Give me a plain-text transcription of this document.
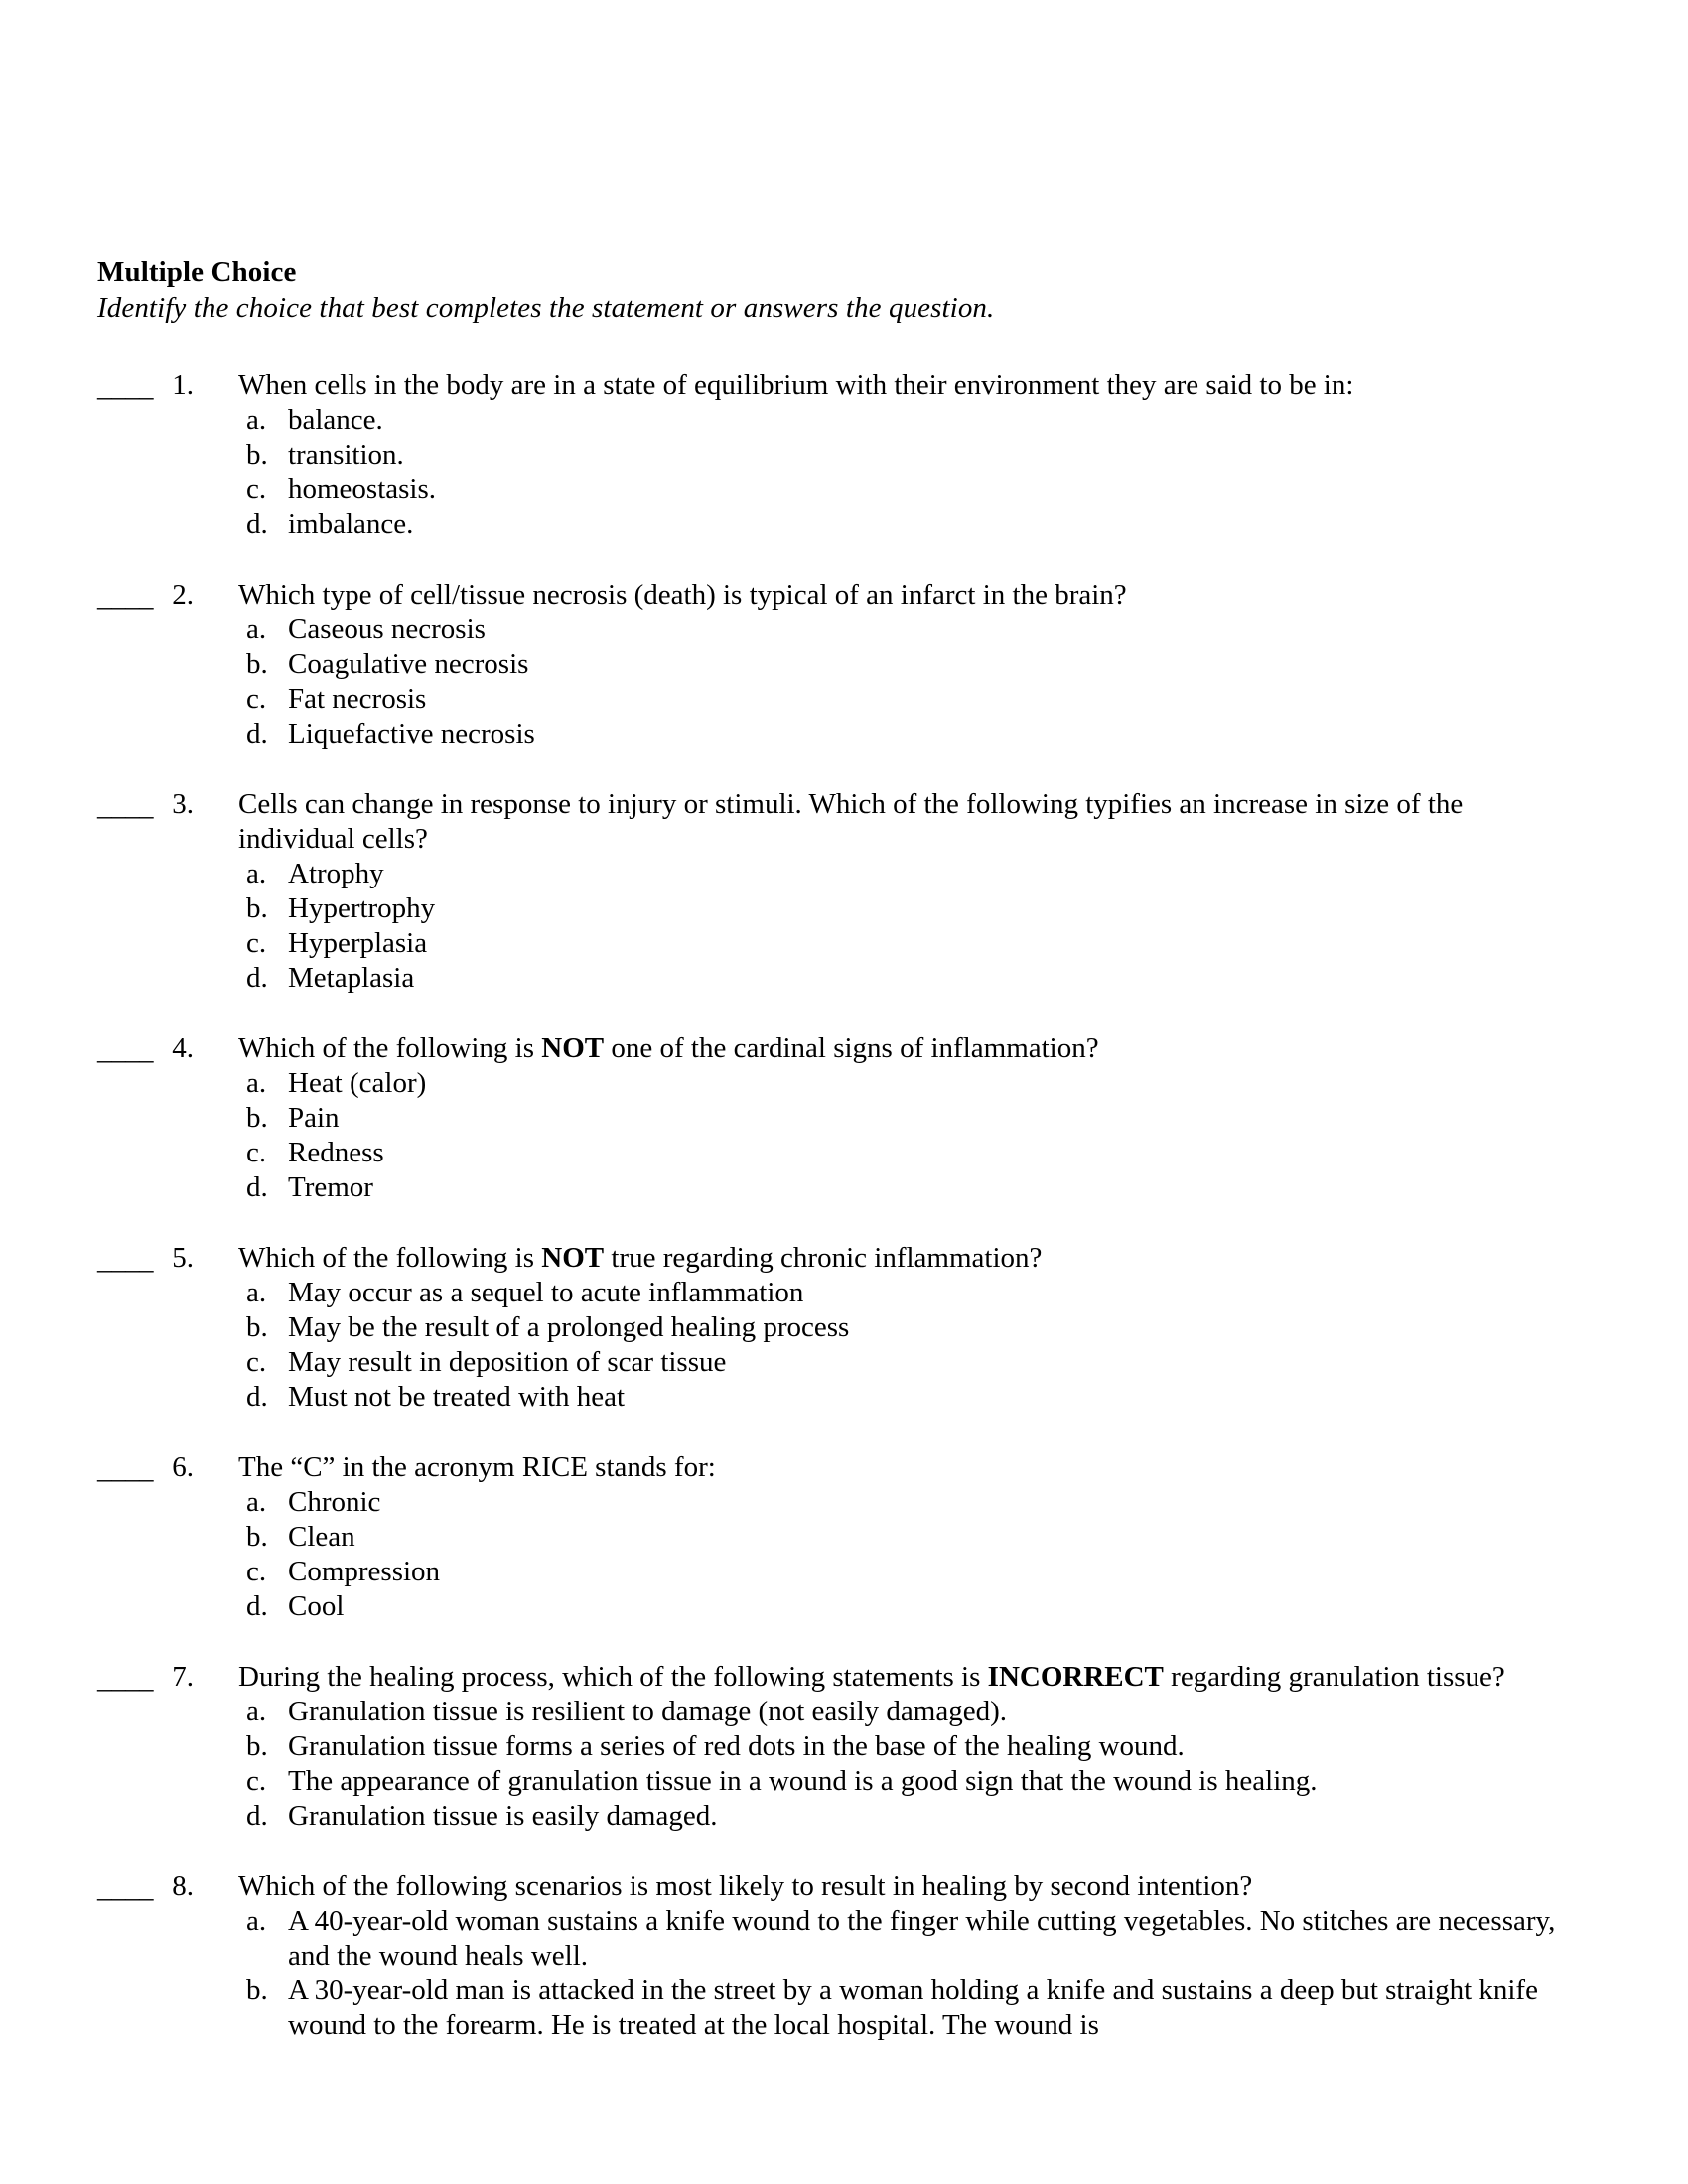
Multiple Choice
Identify the choice that best completes the statement or answers the question.
____ 1. When cells in the body are in a state of equilibrium with their environment they are said to be in:
a. balance.
b. transition.
c. homeostasis.
d. imbalance.
____ 2. Which type of cell/tissue necrosis (death) is typical of an infarct in the brain?
a. Caseous necrosis
b. Coagulative necrosis
c. Fat necrosis
d. Liquefactive necrosis
____ 3. Cells can change in response to injury or stimuli. Which of the following typifies an increase in size of the individual cells?
a. Atrophy
b. Hypertrophy
c. Hyperplasia
d. Metaplasia
____ 4. Which of the following is NOT one of the cardinal signs of inflammation?
a. Heat (calor)
b. Pain
c. Redness
d. Tremor
____ 5. Which of the following is NOT true regarding chronic inflammation?
a. May occur as a sequel to acute inflammation
b. May be the result of a prolonged healing process
c. May result in deposition of scar tissue
d. Must not be treated with heat
____ 6. The “C” in the acronym RICE stands for:
a. Chronic
b. Clean
c. Compression
d. Cool
____ 7. During the healing process, which of the following statements is INCORRECT regarding granulation tissue?
a. Granulation tissue is resilient to damage (not easily damaged).
b. Granulation tissue forms a series of red dots in the base of the healing wound.
c. The appearance of granulation tissue in a wound is a good sign that the wound is healing.
d. Granulation tissue is easily damaged.
____ 8. Which of the following scenarios is most likely to result in healing by second intention?
a. A 40-year-old woman sustains a knife wound to the finger while cutting vegetables. No stitches are necessary, and the wound heals well.
b. A 30-year-old man is attacked in the street by a woman holding a knife and sustains a deep but straight knife wound to the forearm. He is treated at the local hospital. The wound is
